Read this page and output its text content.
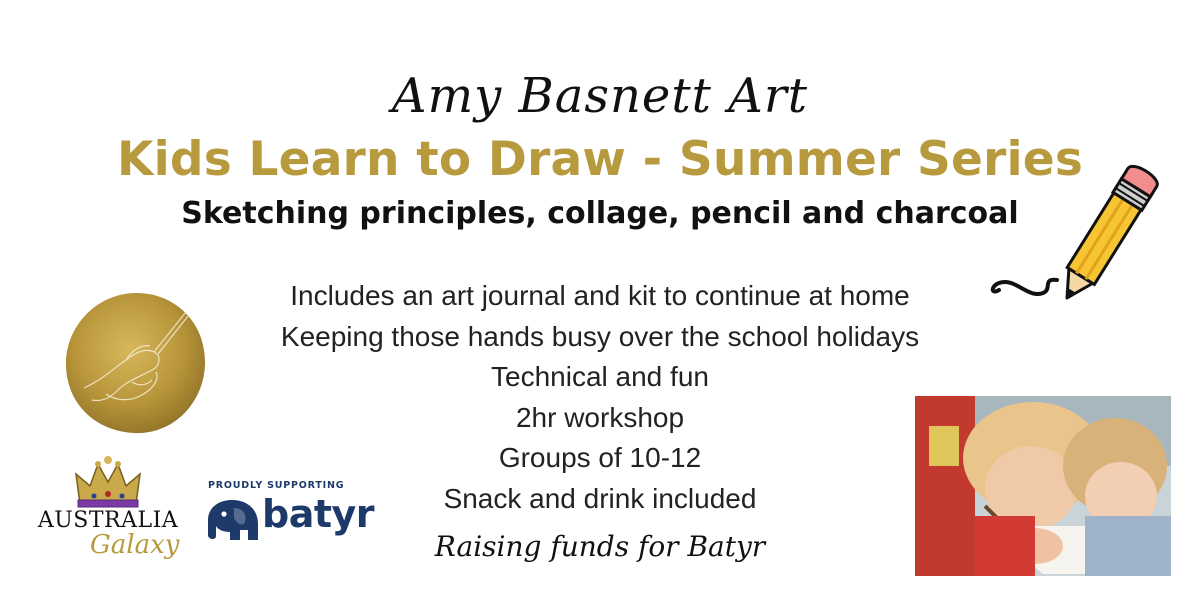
Amy Basnett Art
Kids Learn to Draw - Summer Series
Sketching principles, collage, pencil and charcoal
Includes an art journal and kit to continue at home
Keeping those hands busy over the school holidays
Technical and fun
2hr workshop
Groups of 10-12
Snack and drink included
Raising funds for Batyr
AUSTRALIA
Galaxy
PROUDLY SUPPORTING
batyr
